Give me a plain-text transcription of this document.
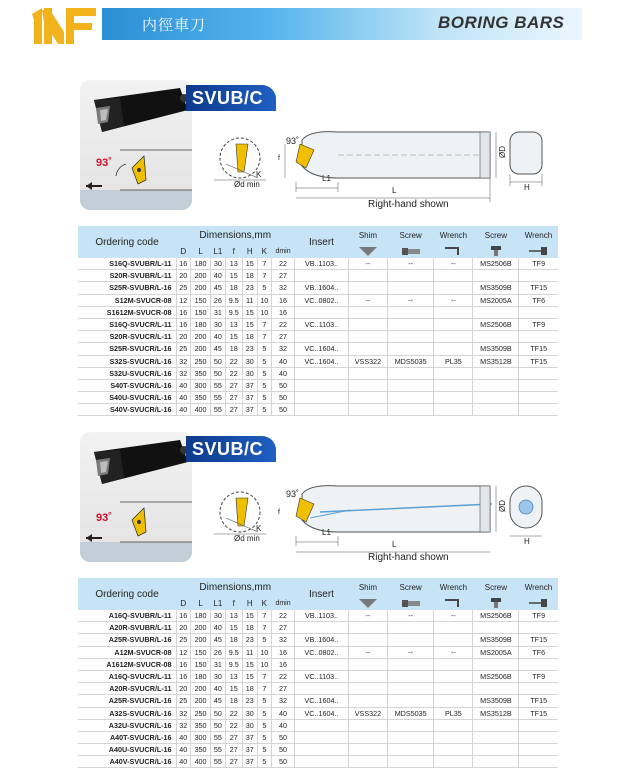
内徑車刀	BORING BARS
93˚
SVUB/C
Ød min
K
f
93˚
L1
L
ØD
H
Right-hand shown
Ordering code	Dimensions,mm							Insert	Shim	Screw	Wrench	Screw	Wrench
	D	L	L1	f	H	K	dmin					
S16Q-SVUBR/L-11	16	180	30	13	15	7	22	VB..1103..	--	--	--	MS2506B	TF9
S20R-SVUBR/L-11	20	200	40	15	18	7	27						
S25R-SVUBR/L-16	25	200	45	18	23	5	32	VB..1604..				MS3509B	TF15
S12M-SVUCR-08	12	150	26	9.5	11	10	16	VC..0802..	--	--	--	MS2005A	TF6
S1612M-SVUCR-08	16	150	31	9.5	15	10	16						
S16Q-SVUCR/L-11	16	180	30	13	15	7	22	VC..1103..				MS2506B	TF9
S20R-SVUCR/L-11	20	200	40	15	18	7	27						
S25R-SVUCR/L-16	25	200	45	18	23	5	32	VC..1604..				MS3509B	TF15
S32S-SVUCR/L-16	32	250	50	22	30	5	40	VC..1604..	VSS322	MDS5035	PL35	MS3512B	TF15
S32U-SVUCR/L-16	32	350	50	22	30	5	40						
S40T-SVUCR/L-16	40	300	55	27	37	5	50						
S40U-SVUCR/L-16	40	350	55	27	37	5	50						
S40V-SVUCR/L-16	40	400	55	27	37	5	50						
93˚
SVUB/C
Ød min
K
f
93˚
L1
L
ØD
H
Right-hand shown
Ordering code	Dimensions,mm							Insert	Shim	Screw	Wrench	Screw	Wrench
	D	L	L1	f	H	K	dmin					
A16Q-SVUBR/L-11	16	180	30	13	15	7	22	VB..1103..	--	--	--	MS2506B	TF9
A20R-SVUBR/L-11	20	200	40	15	18	7	27						
A25R-SVUBR/L-16	25	200	45	18	23	5	32	VB..1604..				MS3509B	TF15
A12M-SVUCR-08	12	150	26	9.5	11	10	16	VC..0802..	--	--	--	MS2005A	TF6
A1612M-SVUCR-08	16	150	31	9.5	15	10	16						
A16Q-SVUCR/L-11	16	180	30	13	15	7	22	VC..1103..				MS2506B	TF9
A20R-SVUCR/L-11	20	200	40	15	18	7	27						
A25R-SVUCR/L-16	25	200	45	18	23	5	32	VC..1604..				MS3509B	TF15
A32S-SVUCR/L-16	32	250	50	22	30	5	40	VC..1604..	VSS322	MDS5035	PL35	MS3512B	TF15
A32U-SVUCR/L-16	32	350	50	22	30	5	40						
A40T-SVUCR/L-16	40	300	55	27	37	5	50						
A40U-SVUCR/L-16	40	350	55	27	37	5	50						
A40V-SVUCR/L-16	40	400	55	27	37	5	50						
